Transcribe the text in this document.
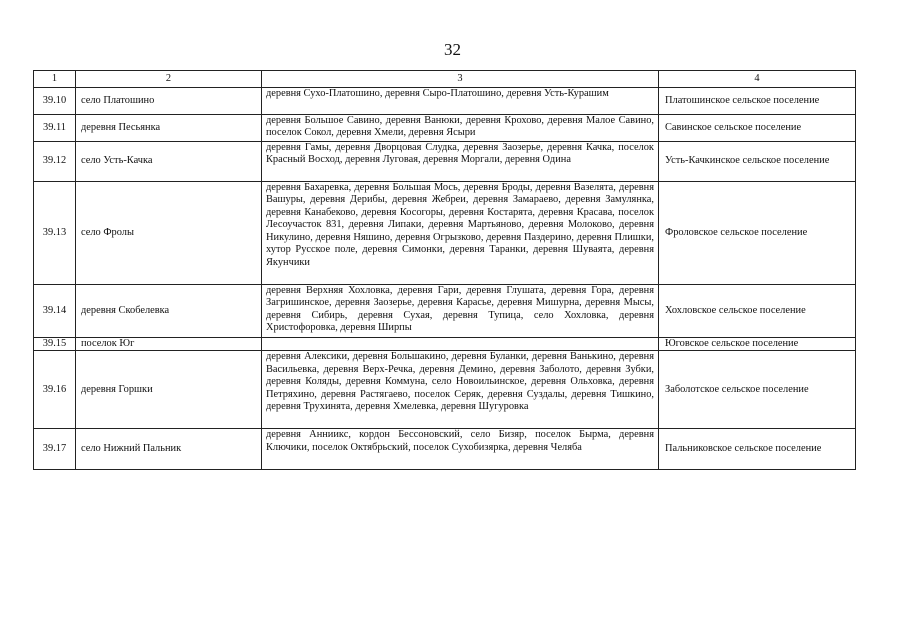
32
1	2	3	4
39.10	село Платошино	деревня Сухо-Платошино, деревня Сыро-Платошино, деревня Усть-Курашим	Платошинское сельское поселение
39.11	деревня Песьянка	деревня Большое Савино, деревня Ванюки, деревня Крохово, деревня Малое Савино, поселок Сокол, деревня Хмели, деревня Ясыри	Савинское сельское поселение
39.12	село Усть-Качка	деревня Гамы, деревня Дворцовая Слудка, деревня Заозерье, деревня Качка, поселок Красный Восход, деревня Луговая, деревня Моргали, деревня Одина	Усть-Качкинское сельское поселение
39.13	село Фролы	деревня Бахаревка, деревня Большая Мось, деревня Броды, деревня Вазелята, деревня Вашуры, деревня Дерибы, деревня Жебреи, деревня Замараево, деревня Замулянка, деревня Канабеково, деревня Косогоры, деревня Костарята, деревня Красава, поселок Лесоучасток 831, деревня Липаки, деревня Мартьяново, деревня Молоково, деревня Никулино, деревня Няшино, деревня Огрызково, деревня Паздерино, деревня Плишки, хутор Русское поле, деревня Симонки, деревня Таранки, деревня Шуваята, деревня Якунчики	Фроловское сельское поселение
39.14	деревня Скобелевка	деревня Верхняя Хохловка, деревня Гари, деревня Глушата, деревня Гора, деревня Загришинское, деревня Заозерье, деревня Карасье, деревня Мишурна, деревня Мысы, деревня Сибирь, деревня Сухая, деревня Тупица, село Хохловка, деревня Христофоровка, деревня Ширпы	Хохловское сельское поселение
39.15	поселок Юг		Юговское сельское поселение
39.16	деревня Горшки	деревня Алексики, деревня Большакино, деревня Буланки, деревня Ванькино, деревня Васильевка, деревня Верх-Речка, деревня Демино, деревня Заболото, деревня Зубки, деревня Коляды, деревня Коммуна, село Новоильинское, деревня Ольховка, деревня Петряхино, деревня Растягаево, поселок Серяк, деревня Суздалы, деревня Тишкино, деревня Трухинята, деревня Хмелевка, деревня Шугуровка	Заболотское сельское поселение
39.17	село Нижний Пальник	деревня Анниикс, кордон Бессоновский, село Бизяр, поселок Бырма, деревня Ключики, поселок Октябрьский, поселок Сухобизярка, деревня Челяба	Пальниковское сельское поселение
